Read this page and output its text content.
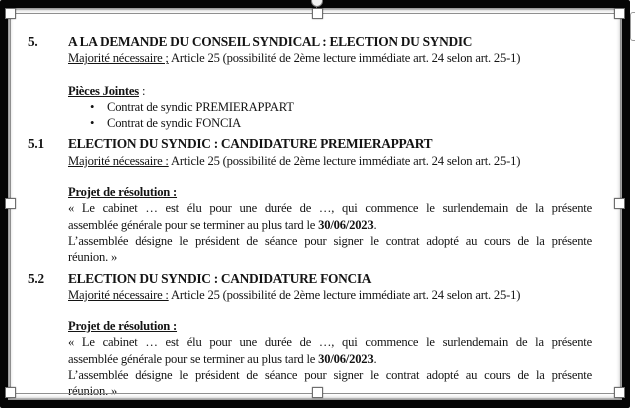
5.	A LA DEMANDE DU CONSEIL SYNDICAL : ELECTION DU SYNDIC
Majorité nécessaire ; Article 25 (possibilité de 2ème lecture immédiate art. 24 selon art. 25-1)
Pièces Jointes :
•	Contrat de syndic PREMIERAPPART
•	Contrat de syndic FONCIA
5.1	ELECTION DU SYNDIC : CANDIDATURE PREMIERAPPART
Majorité nécessaire : Article 25 (possibilité de 2ème lecture immédiate art. 24 selon art. 25-1)
Projet de résolution :
« Le cabinet … est élu pour une durée de …, qui commence le surlendemain de la présente
assemblée générale pour se terminer au plus tard le 30/06/2023.
L’assemblée désigne le président de séance pour signer le contrat adopté au cours de la présente
réunion. »
5.2	ELECTION DU SYNDIC : CANDIDATURE FONCIA
Majorité nécessaire : Article 25 (possibilité de 2ème lecture immédiate art. 24 selon art. 25-1)
Projet de résolution :
« Le cabinet … est élu pour une durée de …, qui commence le surlendemain de la présente
assemblée générale pour se terminer au plus tard le 30/06/2023.
L’assemblée désigne le président de séance pour signer le contrat adopté au cours de la présente
réunion. »
